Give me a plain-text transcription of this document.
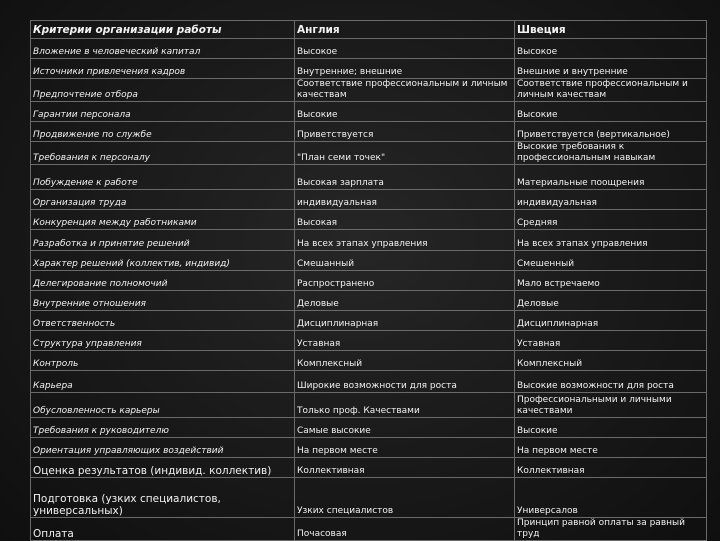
Критерии организации работы	Англия	Швеция
Вложение в человеческий капитал	Высокое	Высокое
Источники привлечения кадров	Внутренние; внешние	Внешние и внутренние
Предпочтение отбора	Соответствие профессиональным и личным качествам	Соответствие профессиональным и личным качествам
Гарантии персонала	Высокие	Высокие
Продвижение по службе	Приветствуется	Приветствуется (вертикальное)
Требования к персоналу	"План семи точек"	Высокие требования к профессиональным навыкам
Побуждение к работе	Высокая зарплата	Материальные поощрения
Организация труда	индивидуальная	индивидуальная
Конкуренция между работниками	Высокая	Средняя
Разработка и принятие решений	На всех этапах управления	На всех этапах управления
Характер решений (коллектив, индивид)	Смешанный	Смешенный
Делегирование полномочий	Распространено	Мало встречаемо
Внутренние отношения	Деловые	Деловые
Ответственность	Дисциплинарная	Дисциплинарная
Структура управления	Уставная	Уставная
Контроль	Комплексный	Комплексный
Карьера	Широкие возможности для роста	Высокие возможности для роста
Обусловленность карьеры	Только проф. Качествами	Профессиональными и личными качествами
Требования к руководителю	Самые высокие	Высокие
Ориентация управляющих воздействий	На первом месте	На первом месте
Оценка результатов (индивид. коллектив)	Коллективная	Коллективная
Подготовка (узких специалистов, универсальных)	Узких специалистов	Универсалов
Оплата	Почасовая	Принцип равной оплаты за равный труд
